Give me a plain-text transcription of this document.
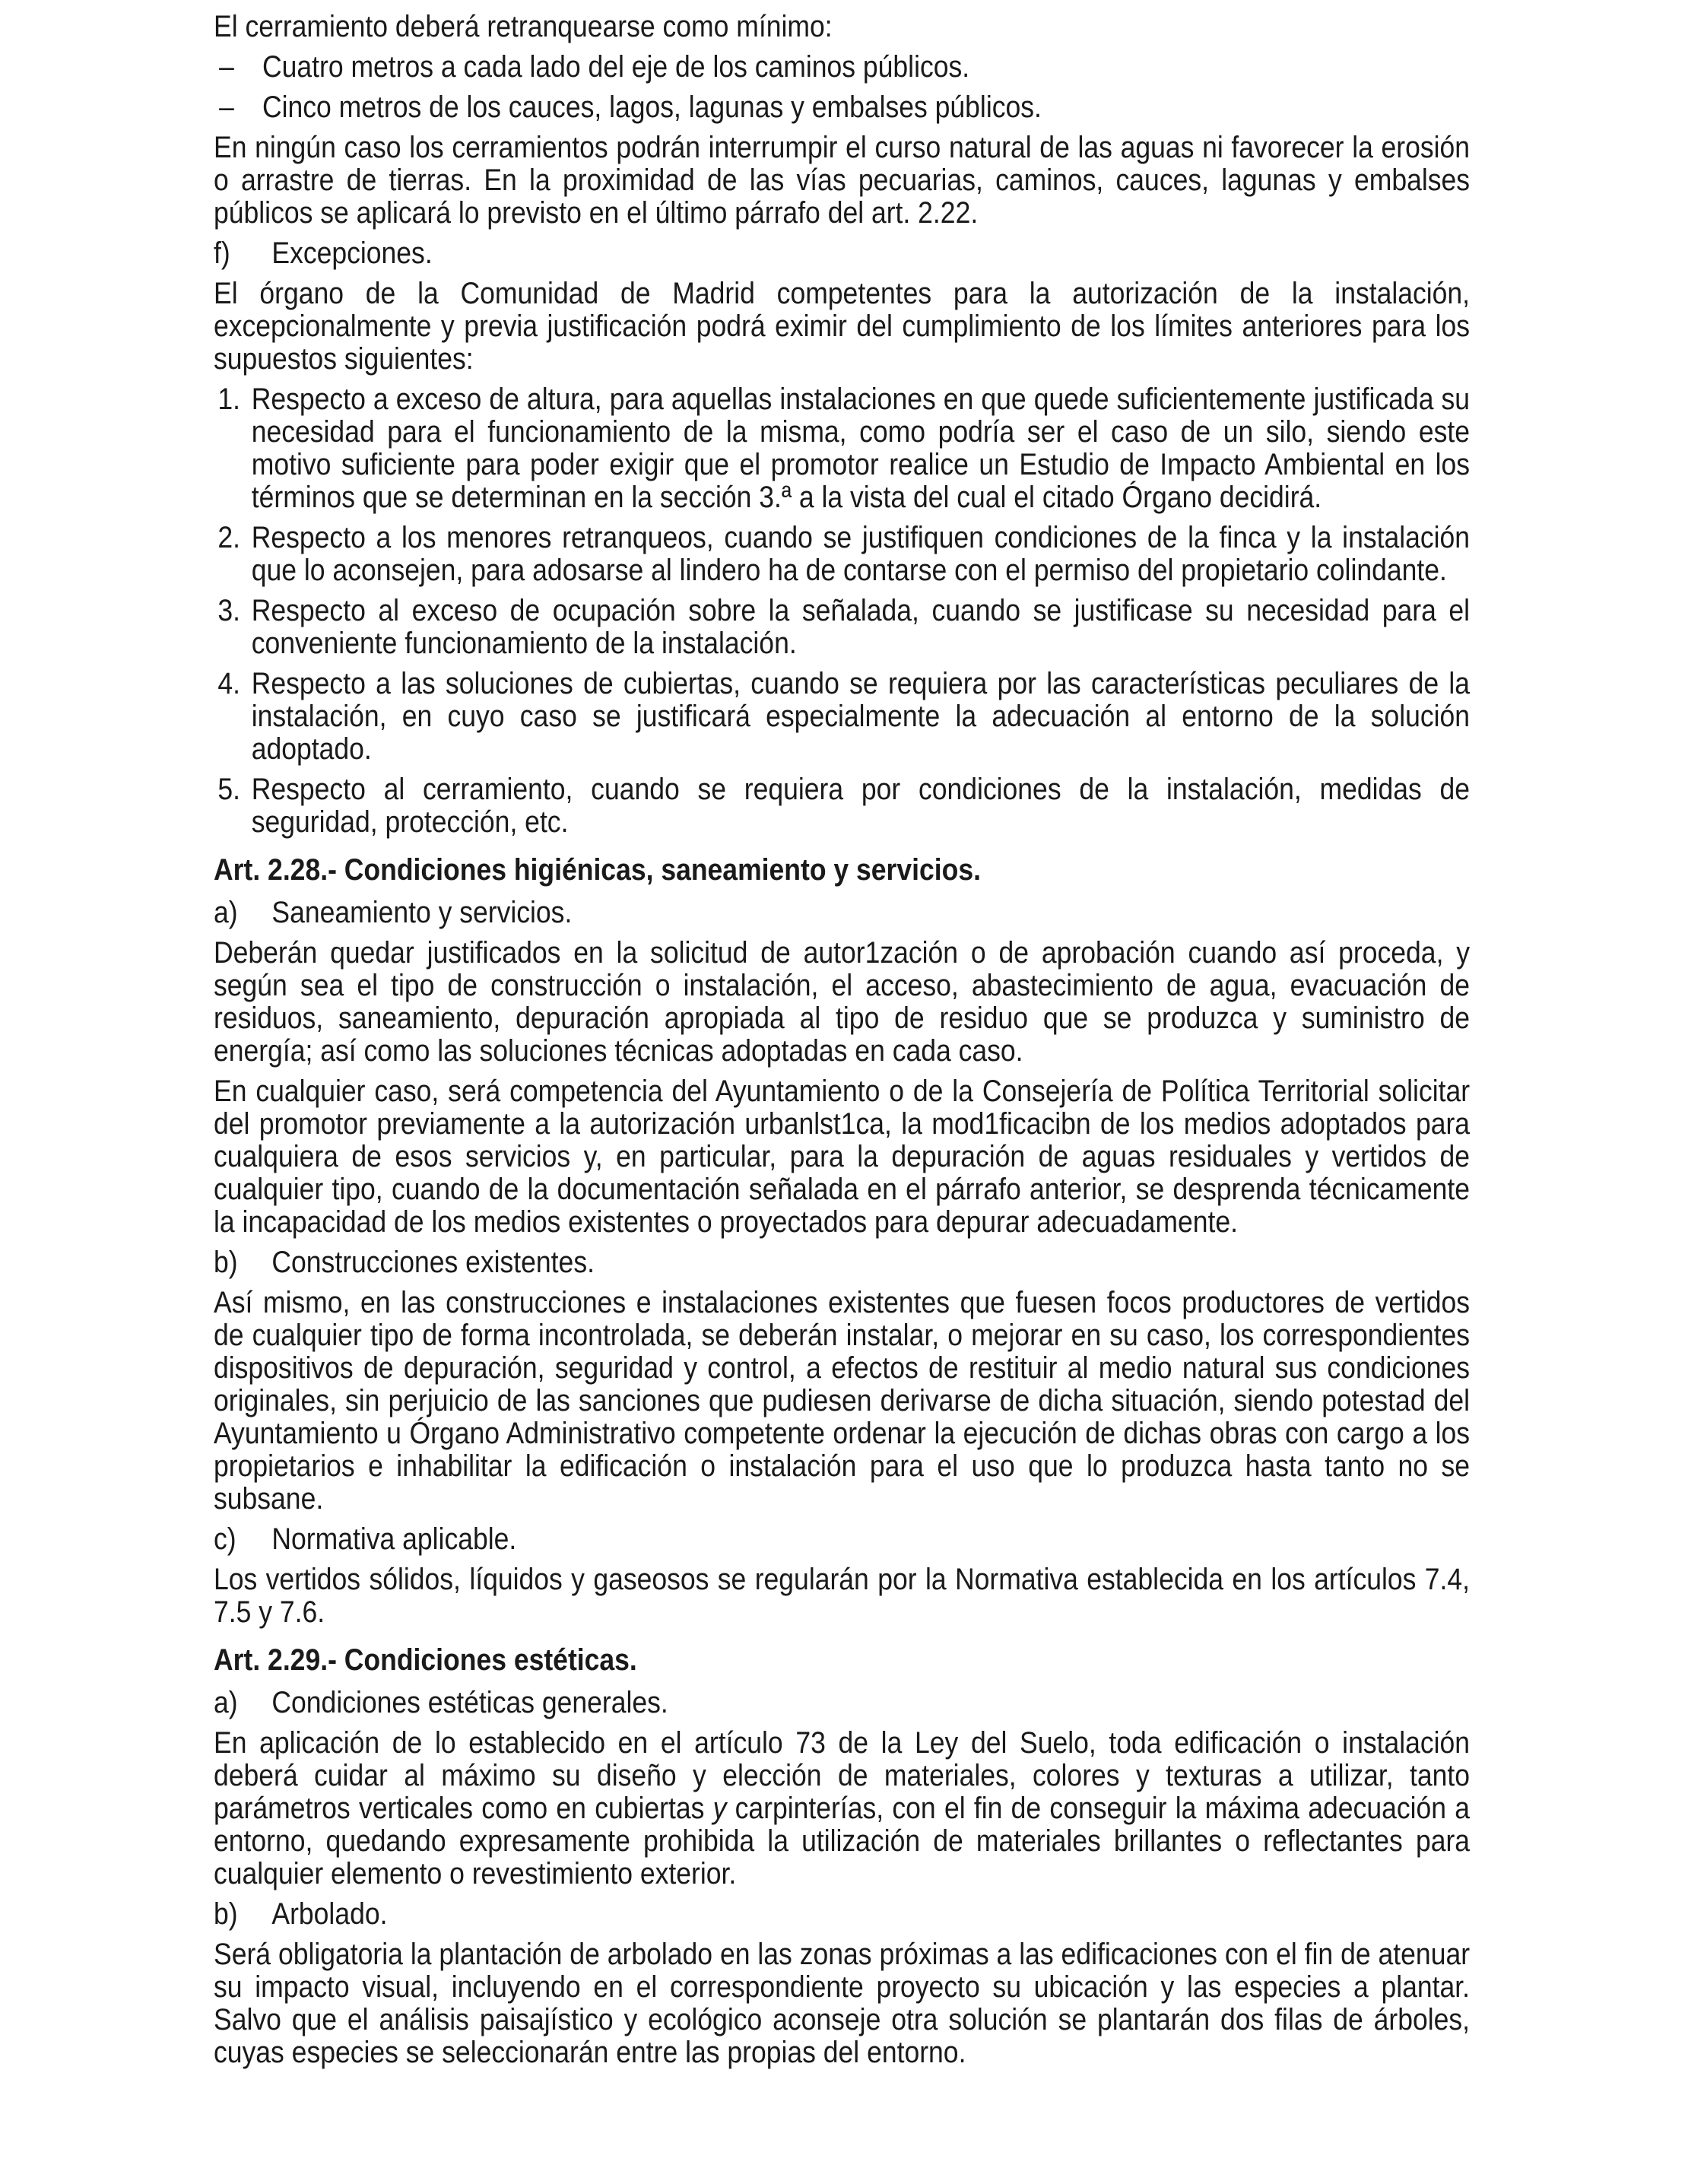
El cerramiento deberá retranquearse como mínimo:

– Cuatro metros a cada lado del eje de los caminos públicos.
– Cinco metros de los cauces, lagos, lagunas y embalses públicos.

En ningún caso los cerramientos podrán interrumpir el curso natural de las aguas ni favorecer la erosión o arrastre de tierras. En la proximidad de las vías pecuarias, caminos, cauces, lagunas y embalses públicos se aplicará lo previsto en el último párrafo del art. 2.22.

f) Excepciones.

El órgano de la Comunidad de Madrid competentes para la autorización de la instalación, excepcionalmente y previa justificación podrá eximir del cumplimiento de los límites anteriores para los supuestos siguientes:

1. Respecto a exceso de altura, para aquellas instalaciones en que quede suficientemente justificada su necesidad para el funcionamiento de la misma, como podría ser el caso de un silo, siendo este motivo suficiente para poder exigir que el promotor realice un Estudio de Impacto Ambiental en los términos que se determinan en la sección 3.ª a la vista del cual el citado Órgano decidirá.
2. Respecto a los menores retranqueos, cuando se justifiquen condiciones de la finca y la instalación que lo aconsejen, para adosarse al lindero ha de contarse con el permiso del propietario colindante.
3. Respecto al exceso de ocupación sobre la señalada, cuando se justificase su necesidad para el conveniente funcionamiento de la instalación.
4. Respecto a las soluciones de cubiertas, cuando se requiera por las características peculiares de la instalación, en cuyo caso se justificará especialmente la adecuación al entorno de la solución adoptado.
5. Respecto al cerramiento, cuando se requiera por condiciones de la instalación, medidas de seguridad, protección, etc.
Art. 2.28.- Condiciones higiénicas, saneamiento y servicios.
a) Saneamiento y servicios.

Deberán quedar justificados en la solicitud de autor1zación o de aprobación cuando así proceda, y según sea el tipo de construcción o instalación, el acceso, abastecimiento de agua, evacuación de residuos, saneamiento, depuración apropiada al tipo de residuo que se produzca y suministro de energía; así como las soluciones técnicas adoptadas en cada caso.

En cualquier caso, será competencia del Ayuntamiento o de la Consejería de Política Territorial solicitar del promotor previamente a la autorización urbanlst1ca, la mod1ficacibn de los medios adoptados para cualquiera de esos servicios y, en particular, para la depuración de aguas residuales y vertidos de cualquier tipo, cuando de la documentación señalada en el párrafo anterior, se desprenda técnicamente la incapacidad de los medios existentes o proyectados para depurar adecuadamente.

b) Construcciones existentes.

Así mismo, en las construcciones e instalaciones existentes que fuesen focos productores de vertidos de cualquier tipo de forma incontrolada, se deberán instalar, o mejorar en su caso, los correspondientes dispositivos de depuración, seguridad y control, a efectos de restituir al medio natural sus condiciones originales, sin perjuicio de las sanciones que pudiesen derivarse de dicha situación, siendo potestad del Ayuntamiento u Órgano Administrativo competente ordenar la ejecución de dichas obras con cargo a los propietarios e inhabilitar la edificación o instalación para el uso que lo produzca hasta tanto no se subsane.

c) Normativa aplicable.

Los vertidos sólidos, líquidos y gaseosos se regularán por la Normativa establecida en los artículos 7.4, 7.5 y 7.6.

Art. 2.29.- Condiciones estéticas.
a) Condiciones estéticas generales.

En aplicación de lo establecido en el artículo 73 de la Ley del Suelo, toda edificación o instalación deberá cuidar al máximo su diseño y elección de materiales, colores y texturas a utilizar, tanto parámetros verticales como en cubiertas y carpinterías, con el fin de conseguir la máxima adecuación a entorno, quedando expresamente prohibida la utilización de materiales brillantes o reflectantes para cualquier elemento o revestimiento exterior.

b) Arbolado.

Será obligatoria la plantación de arbolado en las zonas próximas a las edificaciones con el fin de atenuar su impacto visual, incluyendo en el correspondiente proyecto su ubicación y las especies a plantar. Salvo que el análisis paisajístico y ecológico aconseje otra solución se plantarán dos filas de árboles, cuyas especies se seleccionarán entre las propias del entorno.
